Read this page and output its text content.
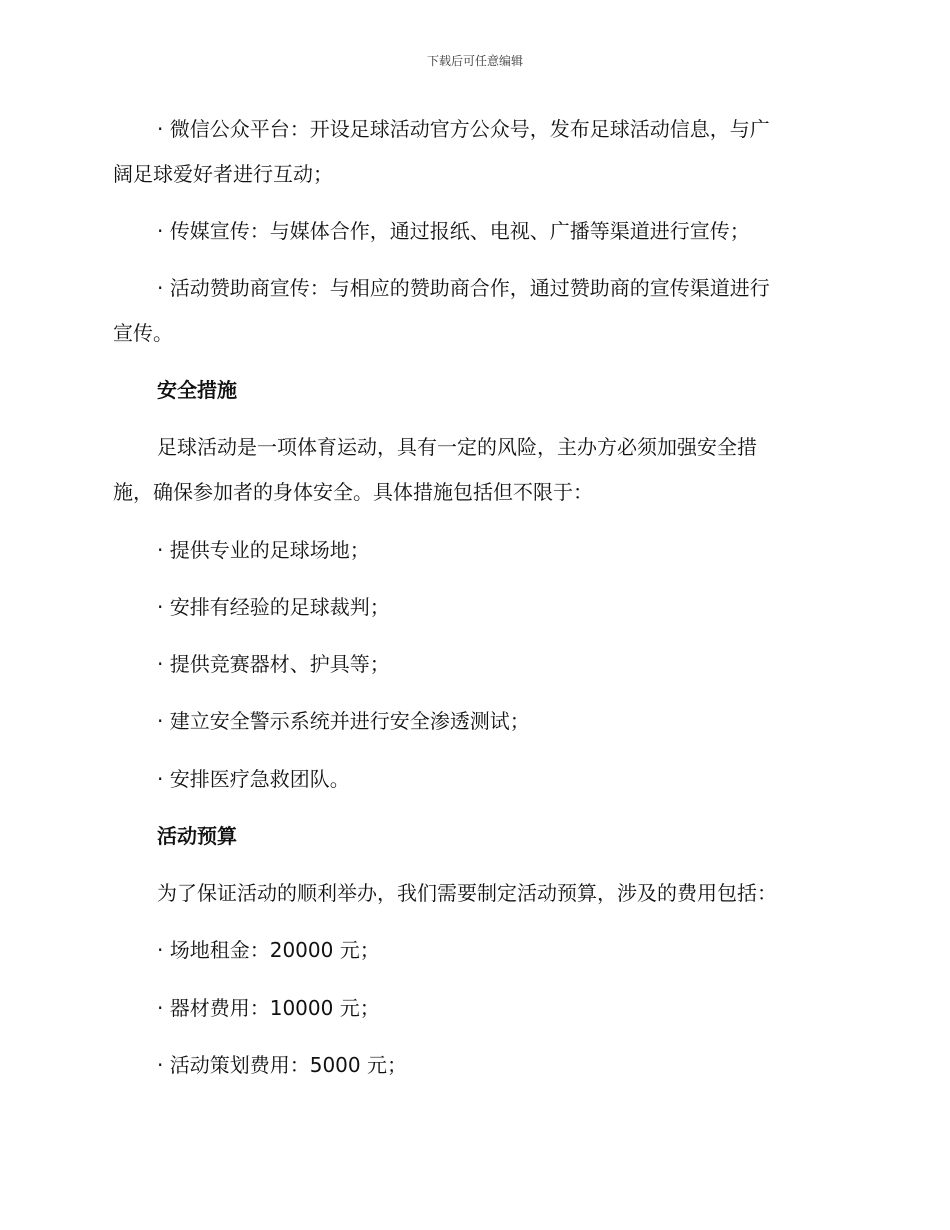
下载后可任意编辑
· 微信公众平台：开设足球活动官方公众号，发布足球活动信息，与广
阔足球爱好者进行互动；
· 传媒宣传：与媒体合作，通过报纸、电视、广播等渠道进行宣传；
· 活动赞助商宣传：与相应的赞助商合作，通过赞助商的宣传渠道进行
宣传。
安全措施
足球活动是一项体育运动，具有一定的风险，主办方必须加强安全措
施，确保参加者的身体安全。具体措施包括但不限于：
· 提供专业的足球场地；
· 安排有经验的足球裁判；
· 提供竞赛器材、护具等；
· 建立安全警示系统并进行安全渗透测试；
· 安排医疗急救团队。
活动预算
为了保证活动的顺利举办，我们需要制定活动预算，涉及的费用包括：
· 场地租金：20000 元；
· 器材费用：10000 元；
· 活动策划费用：5000 元；
